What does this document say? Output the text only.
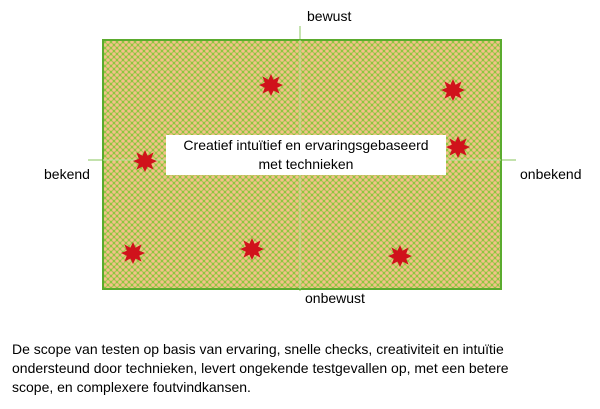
bewust
onbewust
bekend	onbekend
Creatief intuïtief en ervaringsgebaseerd
met technieken
De scope van testen op basis van ervaring, snelle checks, creativiteit en intuïtie
ondersteund door technieken, levert ongekende testgevallen op, met een betere
scope, en complexere foutvindkansen.
